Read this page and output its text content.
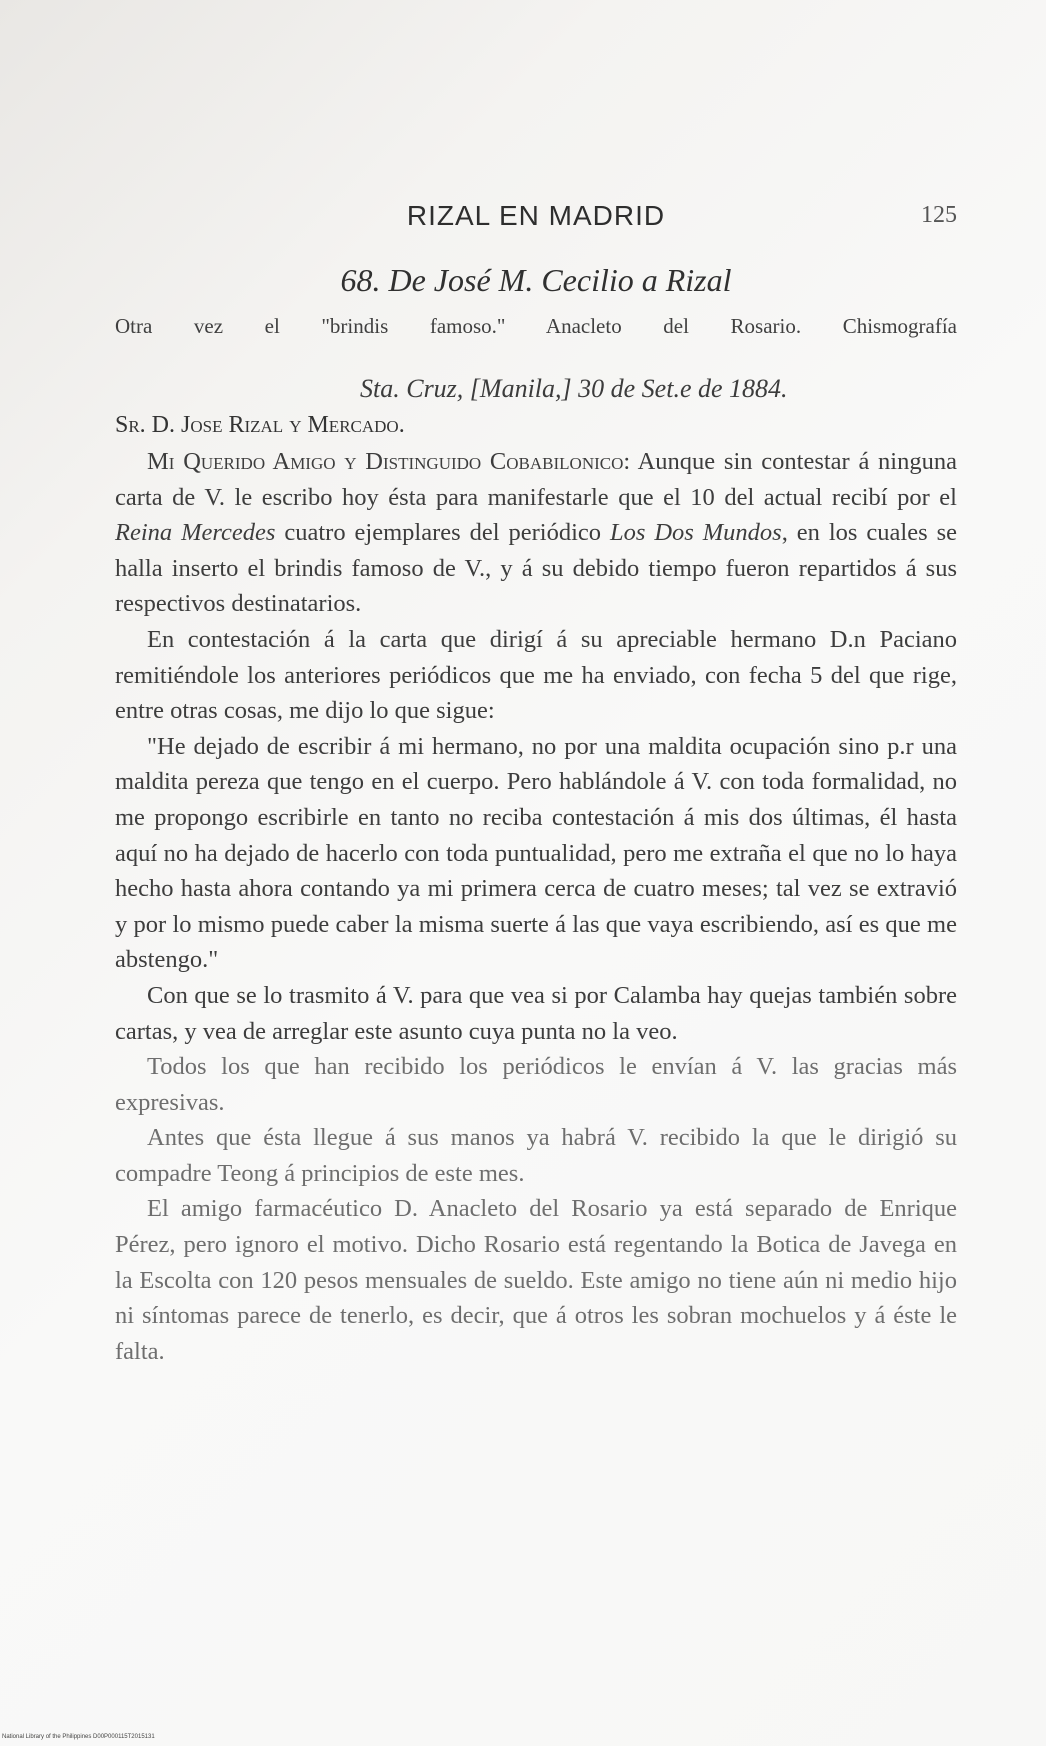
RIZAL EN MADRID	125
68. De José M. Cecilio a Rizal
Otra vez el "brindis famoso." Anacleto del Rosario. Chismografía
Sta. Cruz, [Manila,] 30 de Set.e de 1884.
Sr. D. Jose Rizal y Mercado.

Mi Querido Amigo y Distinguido Cobabilonico: Aunque sin contestar á ninguna carta de V. le escribo hoy ésta para manifestarle que el 10 del actual recibí por el Reina Mercedes cuatro ejemplares del periódico Los Dos Mundos, en los cuales se halla inserto el brindis famoso de V., y á su debido tiempo fueron repartidos á sus respectivos destinatarios.

En contestación á la carta que dirigí á su apreciable hermano D.n Paciano remitiéndole los anteriores periódicos que me ha enviado, con fecha 5 del que rige, entre otras cosas, me dijo lo que sigue:

"He dejado de escribir á mi hermano, no por una maldita ocupación sino p.r una maldita pereza que tengo en el cuerpo. Pero hablándole á V. con toda formalidad, no me propongo escribirle en tanto no reciba contestación á mis dos últimas, él hasta aquí no ha dejado de hacerlo con toda puntualidad, pero me extraña el que no lo haya hecho hasta ahora contando ya mi primera cerca de cuatro meses; tal vez se extravió y por lo mismo puede caber la misma suerte á las que vaya escribiendo, así es que me abstengo."

Con que se lo trasmito á V. para que vea si por Calamba hay quejas también sobre cartas, y vea de arreglar este asunto cuya punta no la veo.

Todos los que han recibido los periódicos le envían á V. las gracias más expresivas.

Antes que ésta llegue á sus manos ya habrá V. recibido la que le dirigió su compadre Teong á principios de este mes.

El amigo farmacéutico D. Anacleto del Rosario ya está separado de Enrique Pérez, pero ignoro el motivo. Dicho Rosario está regentando la Botica de Javega en la Escolta con 120 pesos mensuales de sueldo. Este amigo no tiene aún ni medio hijo ni síntomas parece de tenerlo, es decir, que á otros les sobran mochuelos y á éste le falta.

National Library of the Philippines D00P000115T2015131
